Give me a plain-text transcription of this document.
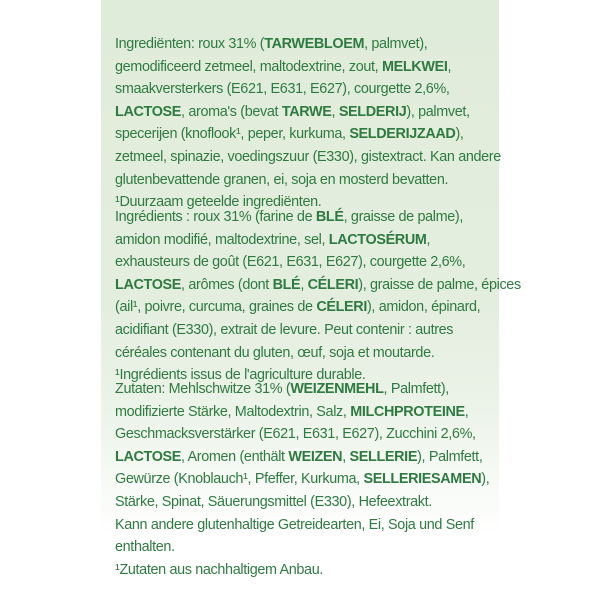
Ingrediënten: roux 31% (TARWEBLOEM, palmvet),
gemodificeerd zetmeel, maltodextrine, zout, MELKWEI,
smaakversterkers (E621, E631, E627), courgette 2,6%,
LACTOSE, aroma's (bevat TARWE, SELDERIJ), palmvet,
specerijen (knoflook¹, peper, kurkuma, SELDERIJZAAD),
zetmeel, spinazie, voedingszuur (E330), gistextract. Kan andere
glutenbevattende granen, ei, soja en mosterd bevatten.
¹Duurzaam geteelde ingrediënten.
Ingrédients : roux 31% (farine de BLÉ, graisse de palme),
amidon modifié, maltodextrine, sel, LACTOSÉRUM,
exhausteurs de goût (E621, E631, E627), courgette 2,6%,
LACTOSE, arômes (dont BLÉ, CÉLERI), graisse de palme, épices
(ail¹, poivre, curcuma, graines de CÉLERI), amidon, épinard,
acidifiant (E330), extrait de levure. Peut contenir : autres
céréales contenant du gluten, œuf, soja et moutarde.
¹Ingrédients issus de l'agriculture durable.
Zutaten: Mehlschwitze 31% (WEIZENMEHL, Palmfett),
modifizierte Stärke, Maltodextrin, Salz, MILCHPROTEINE,
Geschmacksverstärker (E621, E631, E627), Zucchini 2,6%,
LACTOSE, Aromen (enthält WEIZEN, SELLERIE), Palmfett,
Gewürze (Knoblauch¹, Pfeffer, Kurkuma, SELLERIESAMEN),
Stärke, Spinat, Säuerungsmittel (E330), Hefeextrakt.
Kann andere glutenhaltige Getreidearten, Ei, Soja und Senf
enthalten.
¹Zutaten aus nachhaltigem Anbau.
